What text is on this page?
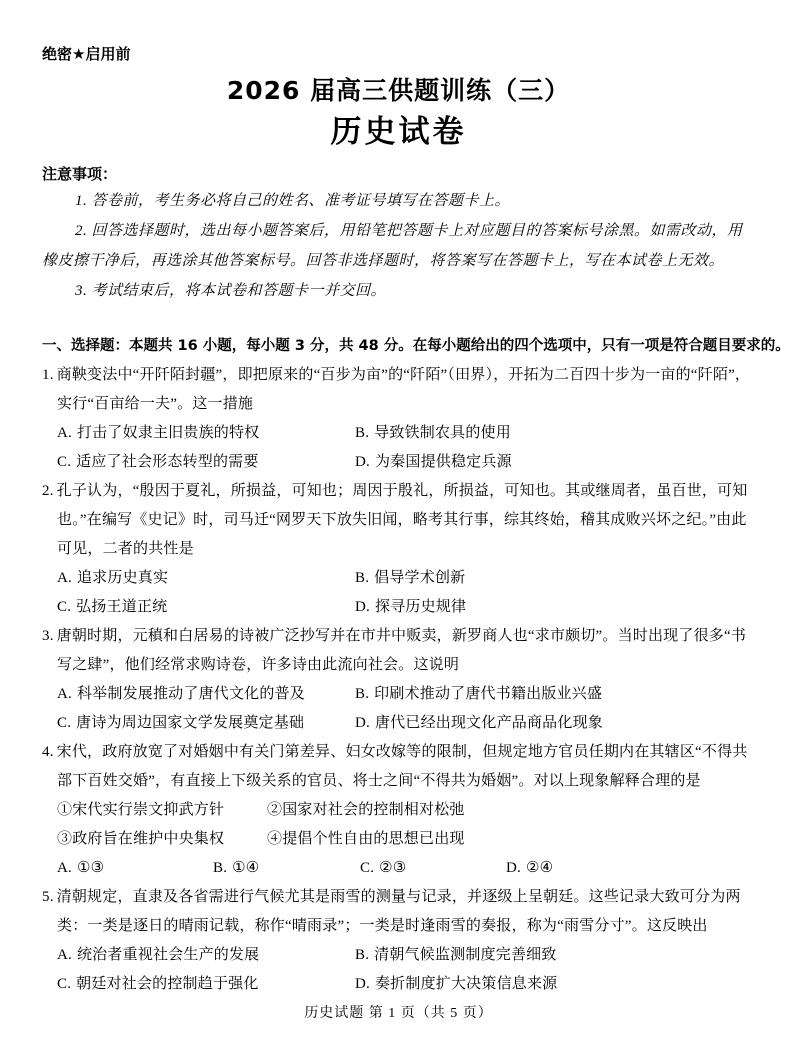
绝密★启用前
2026 届高三供题训练（三）
历史试卷
注意事项：

1. 答卷前，考生务必将自己的姓名、准考证号填写在答题卡上。

2. 回答选择题时，选出每小题答案后，用铅笔把答题卡上对应题目的答案标号涂黑。如需改动，用橡皮擦干净后，再选涂其他答案标号。回答非选择题时，将答案写在答题卡上，写在本试卷上无效。

3. 考试结束后，将本试卷和答题卡一并交回。

一、选择题：本题共 16 小题，每小题 3 分，共 48 分。在每小题给出的四个选项中，只有一项是符合题目要求的。

1. 商鞅变法中“开阡陌封疆”，即把原来的“百步为亩”的“阡陌”（田界），开拓为二百四十步为一亩的“阡陌”，实行“百亩给一夫”。这一措施

A. 打击了奴隶主旧贵族的特权	B. 导致铁制农具的使用
C. 适应了社会形态转型的需要	D. 为秦国提供稳定兵源

2. 孔子认为，“殷因于夏礼，所损益，可知也；周因于殷礼，所损益，可知也。其或继周者，虽百世，可知也。”在编写《史记》时，司马迁“网罗天下放失旧闻，略考其行事，综其终始，稽其成败兴坏之纪。”由此可见，二者的共性是

A. 追求历史真实	B. 倡导学术创新
C. 弘扬王道正统	D. 探寻历史规律

3. 唐朝时期，元稹和白居易的诗被广泛抄写并在市井中贩卖，新罗商人也“求市颇切”。当时出现了很多“书写之肆”，他们经常求购诗卷，许多诗由此流向社会。这说明

A. 科举制发展推动了唐代文化的普及	B. 印刷术推动了唐代书籍出版业兴盛
C. 唐诗为周边国家文学发展奠定基础	D. 唐代已经出现文化产品商品化现象

4. 宋代，政府放宽了对婚姻中有关门第差异、妇女改嫁等的限制，但规定地方官员任期内在其辖区“不得共部下百姓交婚”，有直接上下级关系的官员、将士之间“不得共为婚姻”。对以上现象解释合理的是

①宋代实行崇文抑武方针	②国家对社会的控制相对松弛
③政府旨在维护中央集权	④提倡个性自由的思想已出现
A. ①③	B. ①④	C. ②③	D. ②④

5. 清朝规定，直隶及各省需进行气候尤其是雨雪的测量与记录，并逐级上呈朝廷。这些记录大致可分为两类：一类是逐日的晴雨记载，称作“晴雨录”；一类是时逢雨雪的奏报，称为“雨雪分寸”。这反映出

A. 统治者重视社会生产的发展	B. 清朝气候监测制度完善细致
C. 朝廷对社会的控制趋于强化	D. 奏折制度扩大决策信息来源
历史试题 第 1 页（共 5 页）
